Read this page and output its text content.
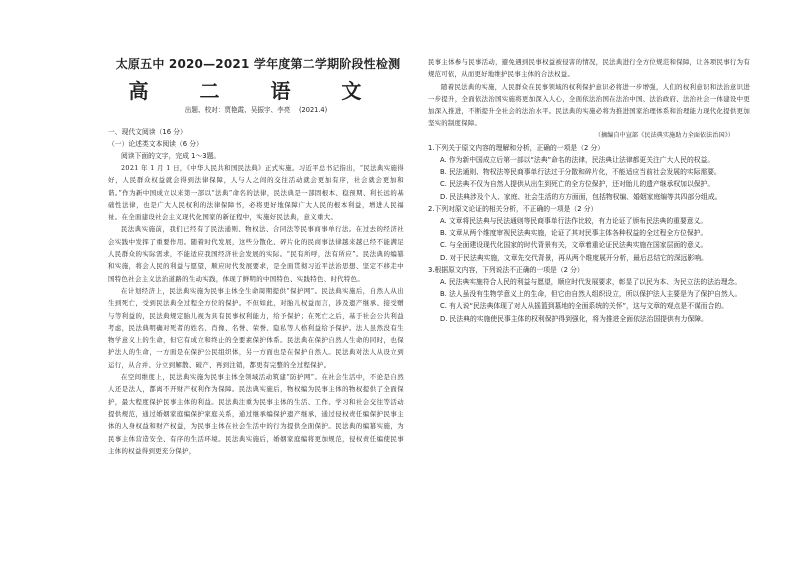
太原五中 2020—2021 学年度第二学期阶段性检测
高 二 语 文
出题、校对：贾艳霞、吴振宇、李亮　 (2021.4)
一、现代文阅读（16 分）
（一）论述类文本阅读（6 分）
阅读下面的文字，完成 1～3题。
2021 年 1 月 1 日，《中华人民共和国民法典》正式实施。习近平总书记指出，“民法典实施得好，人民群众权益就会得到法律保障，人与人之间的交往活动就会更加有序，社会就会更加和谐。”作为新中国成立以来第一部以“法典”命名的法律，民法典是一部固根本、稳预期、利长远的基础性法律，也是广大人民权利的法律保障书，必将更好地保障广大人民的根本利益，增进人民福祉。在全面建设社会主义现代化国家的新征程中，实施好民法典，意义重大。
民法典实施前，我们已经有了民法通则、物权法、合同法等民事商事单行法。在过去的经济社会实践中发挥了重要作用。随着时代发展，这些分散化、碎片化的民商事法律越来越已经不能满足人民群众的实际需求，不能适应我国经济社会发展的实际。“民有所呼，法有所应”。民法典的编纂和实施，将会人民的利益与愿望，顺应时代发展要求，是全面贯彻习近平法治思想、坚定不移走中国特色社会主义法治道路的生动实践，体现了鲜明的中国特色、实践特色、时代特色。
在计划经济上，民法典实施为民事主体全生命周期提供“保护网”。民法典实施后，自然人从出生到死亡，受到民法典全过程全方位的保护。不但如此，对胎儿权益而言，涉及遗产继承、接受赠与等利益的，民法典规定胎儿视为具有民事权利能力，给予保护；在死亡之后，基于社会公共利益考虑，民法典明确对死者的姓名、肖像、名誉、荣誉、隐私等人格利益给予保护。法人虽然没有生物学意义上的生命，但它有成立和终止的全要素保护体系。民法典在保护自然人生命的同时，也保护法人的生命，一方面是在保护公民组织体，另一方面也是在保护自然人。民法典对法人从设立到运行，从合并、分立到解散、破产、再到注销，都更有完整的全过程保护。
在空间维度上，民法典实施为民事主体全领域活动筑建“防护网”。在社会生活中，不论是自然人还是法人，都离不开财产权利作为保障。民法典实施后，物权编为民事主体的物权提供了全面保护，最大程度保护民事主体的利益。民法典注重为民事主体的生活、工作、学习和社会交往等活动提供规范，通过婚姻家庭编保护家庭关系，通过继承编保护遗产继承，通过侵权责任编保护民事主体的人身权益和财产权益，为民事主体在社会生活中的行为提供全面保护。民法典的编纂实施，为民事主体营造安全、有序的生活环境。民法典实施后，婚姻家庭编将更加规范，侵权责任编使民事主体的权益得到更充分保护，
民事主体参与民事活动，避免遇到民事权益被侵害的情况，民法典进行全方位规范和保障，让各项民事行为有规范可依，从而更好地维护民事主体的合法权益。
随着民法典的实施，人民群众在民事领域的权利保护意识必将进一步增强，人们的权利意识和法治意识进一步提升，全面依法治国实施将更加深入人心，全面依法治国在法治中国、法治政府、法治社会一体建设中更加深入推进，不断提升全社会的法治水平。民法典的实施必将为推进国家治理体系和治理能力现代化提供更加坚实的制度保障。
（摘编自中宣部《民法典实施助力全面依法治国》）
1.下列关于原文内容的理解和分析，正确的一项是（2 分）
A. 作为新中国成立后第一部以“法典”命名的法律，民法典让法律都更关注广大人民的权益。
B. 民法通则、物权法等民商事单行法过于分散和碎片化，不能适应当前社会发展的实际需要。
C. 民法典不仅为自然人提供从出生到死亡的全方位保护，还对胎儿的遗产继承权加以保护。
D. 民法典涉及个人、家庭、社会生活的方方面面，包括物权编、婚姻家庭编等共四部分组成。
2.下列对原文论证的相关分析，不正确的一项是（2 分）
A. 文章将民法典与民法通则等民商事单行法作比较，有力论证了颁布民法典的重要意义。
B. 文章从两个维度审视民法典实施，论证了其对民事主体各种权益的全过程全方位保护。
C. 与全面建设现代化国家的时代背景有关，文章着重论证民法典实施在国家层面的意义。
D. 对于民法典实施，文章先交代背景，再从两个维度展开分析，最后总结它的深远影响。
3.根据原文内容，下列说法不正确的一项是（2 分）
A. 民法典实施符合人民的利益与愿望，顺应时代发展要求，彰显了以民为本、为民立法的法治理念。
B. 法人虽没有生物学意义上的生命，但它由自然人组织设立，所以保护法人主要是为了保护自然人。
C. 有人说“民法典体现了对人从摇篮到墓地的全面系统的关怀”，这与文章的观点是不谋而合的。
D. 民法典的实施使民事主体的权利保护得到强化，将为推进全面依法治国提供有力保障。
